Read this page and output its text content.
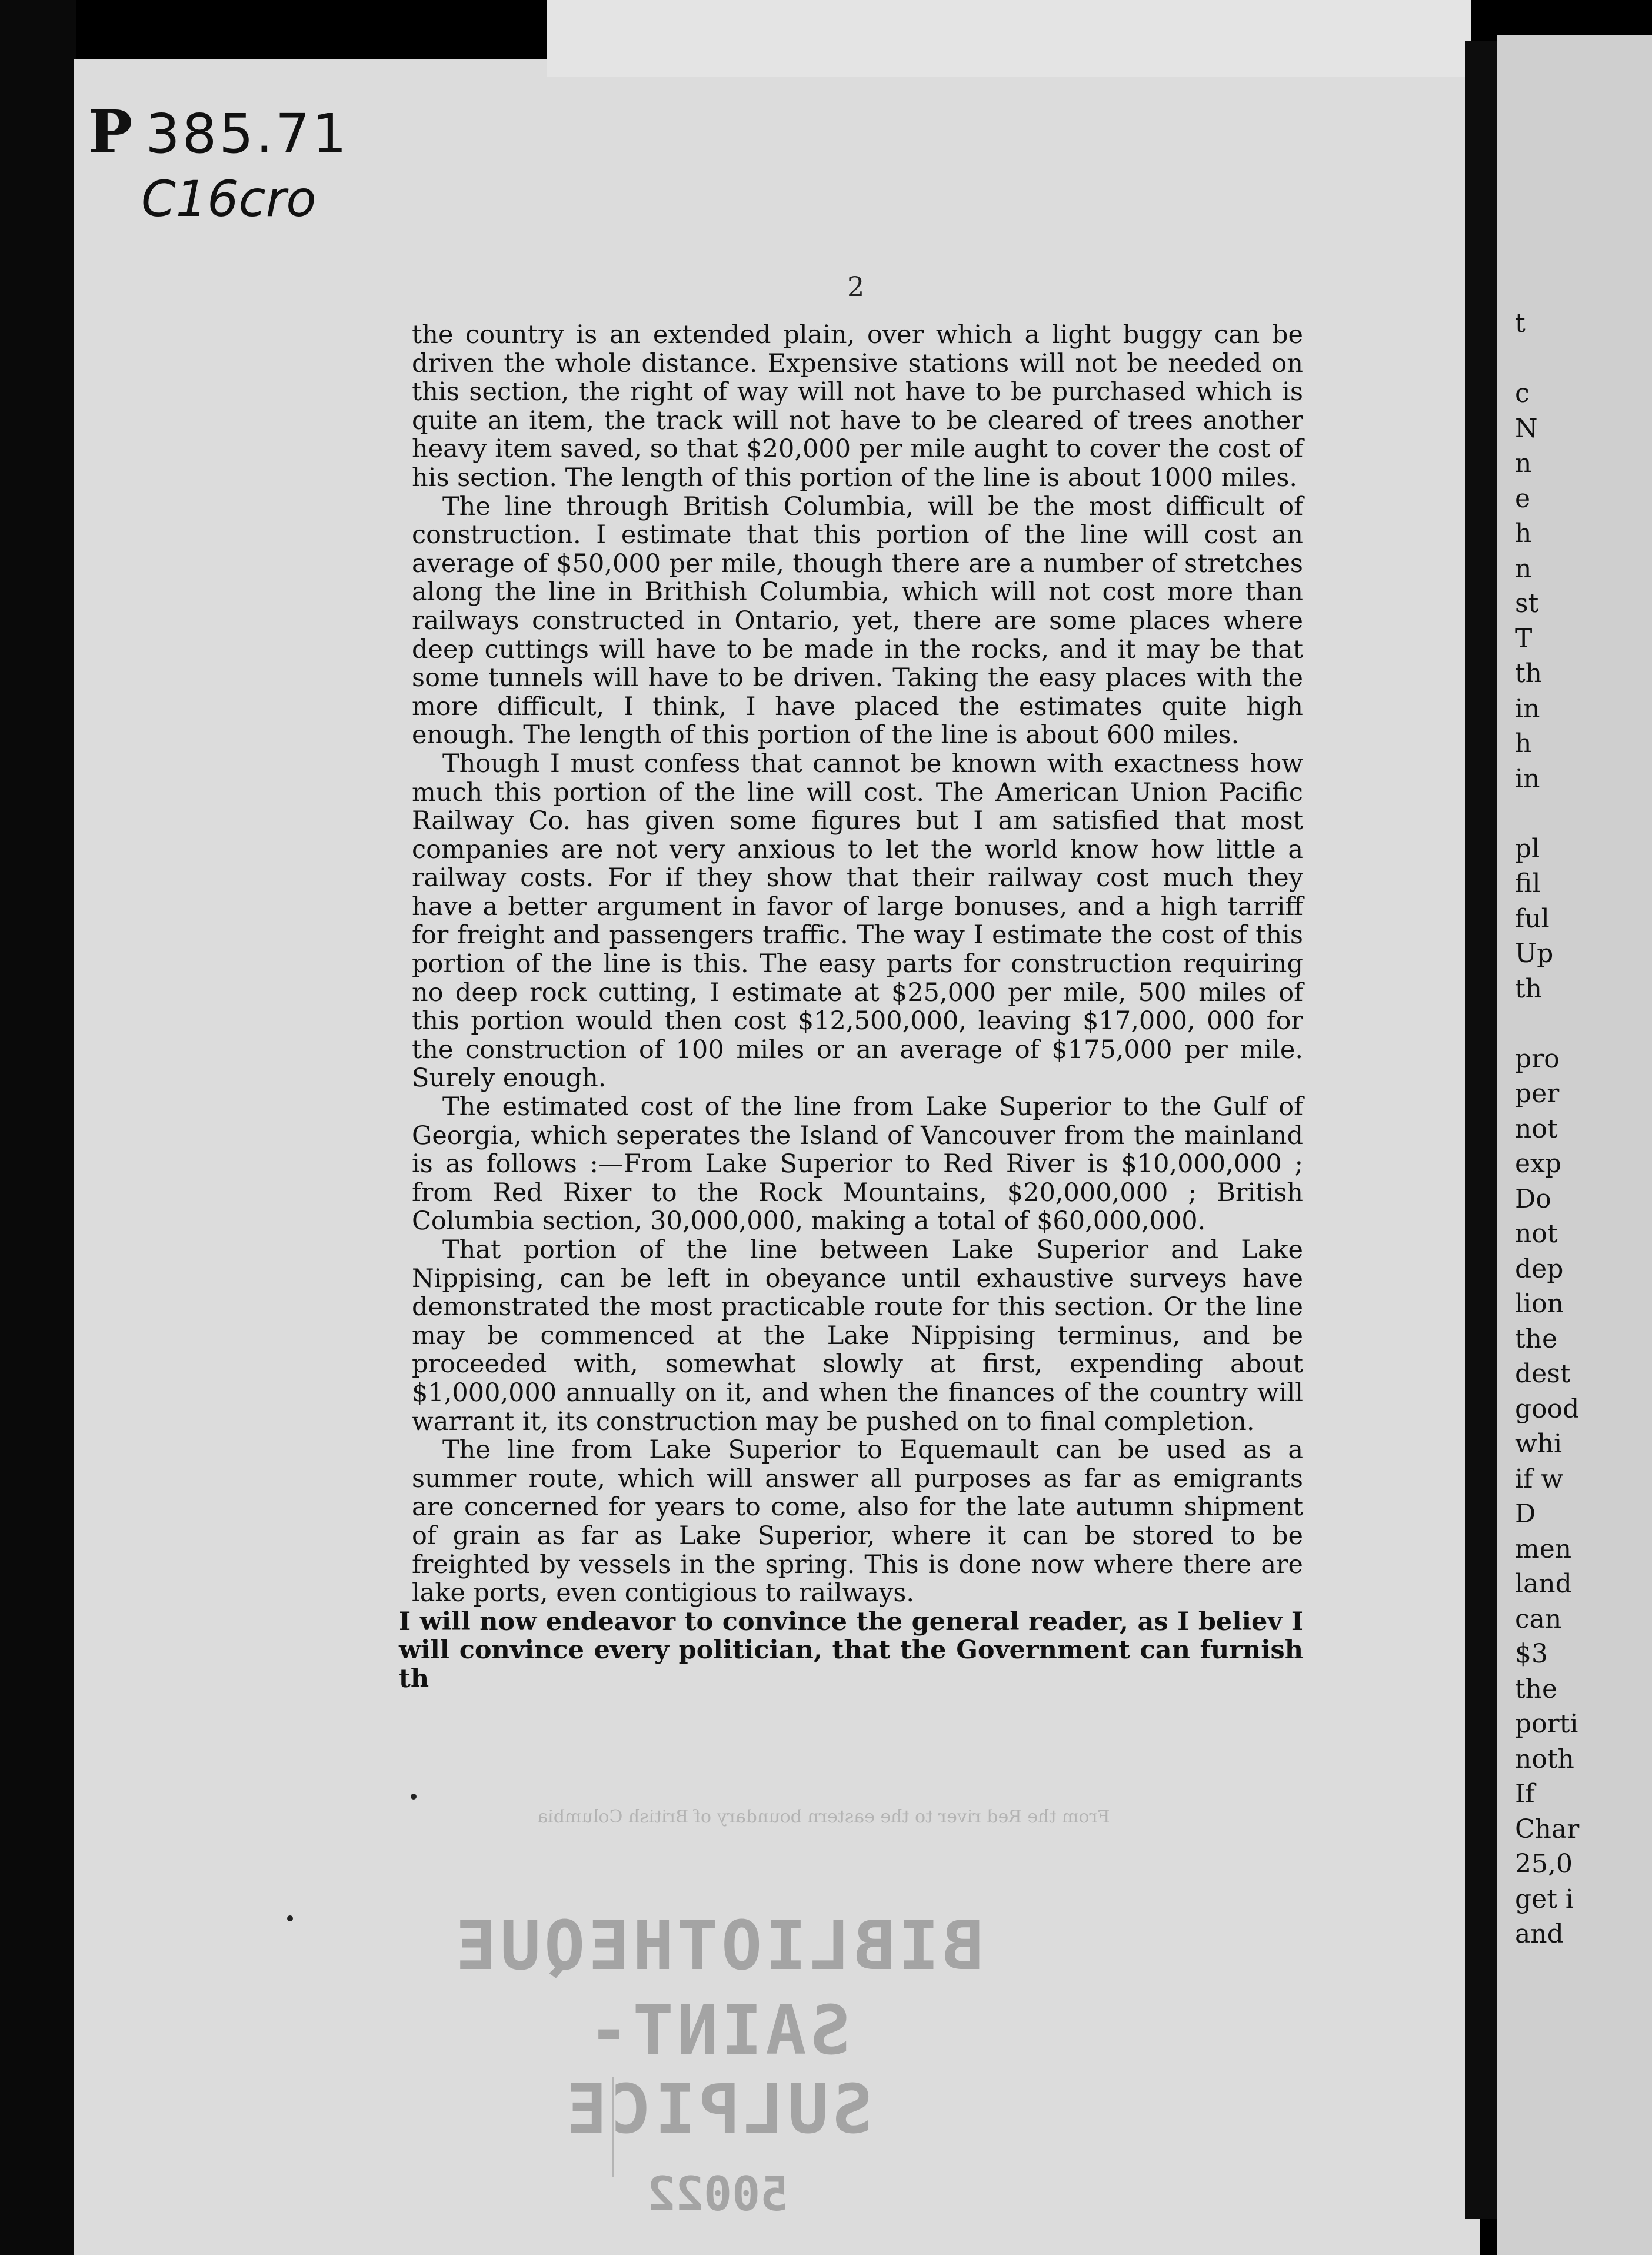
t
c
N
n
e
h
n
st
T
th
in
h
in
pl
fil
ful
Up
th
pro
per
not
exp
Do
not
dep
lion
the
dest
good
whi
if w
D
men
land
can
$3
the
porti
noth
If
Char
25,0
get i
and
P 385.71
C16cro
2

the country is an extended plain, over which a light buggy can be driven the whole distance. Expensive stations will not be needed on this section, the right of way will not have to be purchased which is quite an item, the track will not have to be cleared of trees another heavy item saved, so that $20,000 per mile aught to cover the cost of his section. The length of this portion of the line is about 1000 miles.

The line through British Columbia, will be the most difficult of construction. I estimate that this portion of the line will cost an average of $50,000 per mile, though there are a number of stretches along the line in Brithish Columbia, which will not cost more than railways constructed in Ontario, yet, there are some places where deep cuttings will have to be made in the rocks, and it may be that some tunnels will have to be driven. Taking the easy places with the more difficult, I think, I have placed the estimates quite high enough. The length of this portion of the line is about 600 miles.

Though I must confess that cannot be known with exactness how much this portion of the line will cost. The American Union Pacific Railway Co. has given some figures but I am satisfied that most companies are not very anxious to let the world know how little a railway costs. For if they show that their railway cost much they have a better argument in favor of large bonuses, and a high tarriff for freight and passengers traffic. The way I estimate the cost of this portion of the line is this. The easy parts for construction requiring no deep rock cutting, I estimate at $25,000 per mile, 500 miles of this portion would then cost $12,500,000, leaving $17,000, 000 for the construction of 100 miles or an average of $175,000 per mile. Surely enough.

The estimated cost of the line from Lake Superior to the Gulf of Georgia, which seperates the Island of Vancouver from the mainland is as follows :—From Lake Superior to Red River is $10,000,000 ; from Red Rixer to the Rock Mountains, $20,000,000 ; British Columbia section, 30,000,000, making a total of $60,000,000.

That portion of the line between Lake Superior and Lake Nippising, can be left in obeyance until exhaustive surveys have demonstrated the most practicable route for this section. Or the line may be commenced at the Lake Nippising terminus, and be proceeded with, somewhat slowly at first, expending about $1,000,000 annually on it, and when the finances of the country will warrant it, its construction may be pushed on to final completion.

The line from Lake Superior to Equemault can be used as a summer route, which will answer all purposes as far as emigrants are concerned for years to come, also for the late autumn shipment of grain as far as Lake Superior, where it can be stored to be freighted by vessels in the spring. This is done now where there are lake ports, even contigious to railways.

I will now endeavor to convince the general reader, as I believ I will convince every politician, that the Government can furnish th

From the Red river to the eastern boundary of British Columbia
BIBLIOTHEQUE
SAINT-SULPICE
50022
